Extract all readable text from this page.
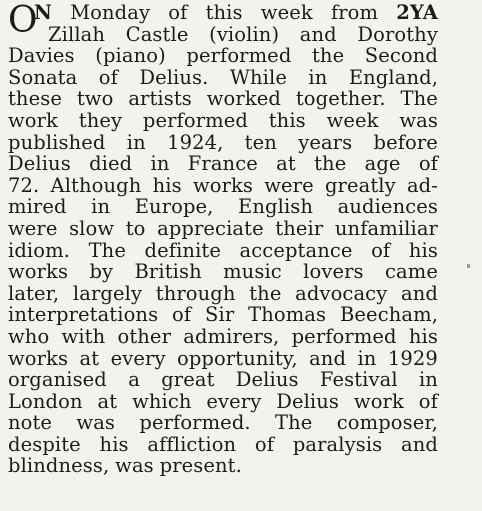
O
N Monday of this week from 2YA
Zillah Castle (violin) and Dorothy
Davies (piano) performed the Second
Sonata of Delius. While in England,
these two artists worked together. The
work they performed this week was
published in 1924, ten years before
Delius died in France at the age of
72. Although his works were greatly ad-
mired in Europe, English audiences
were slow to appreciate their unfamiliar
idiom. The definite acceptance of his
works by British music lovers came
later, largely through the advocacy and
interpretations of Sir Thomas Beecham,
who with other admirers, performed his
works at every opportunity, and in 1929
organised a great Delius Festival in
London at which every Delius work of
note was performed. The composer,
despite his affliction of paralysis and
blindness, was present.
